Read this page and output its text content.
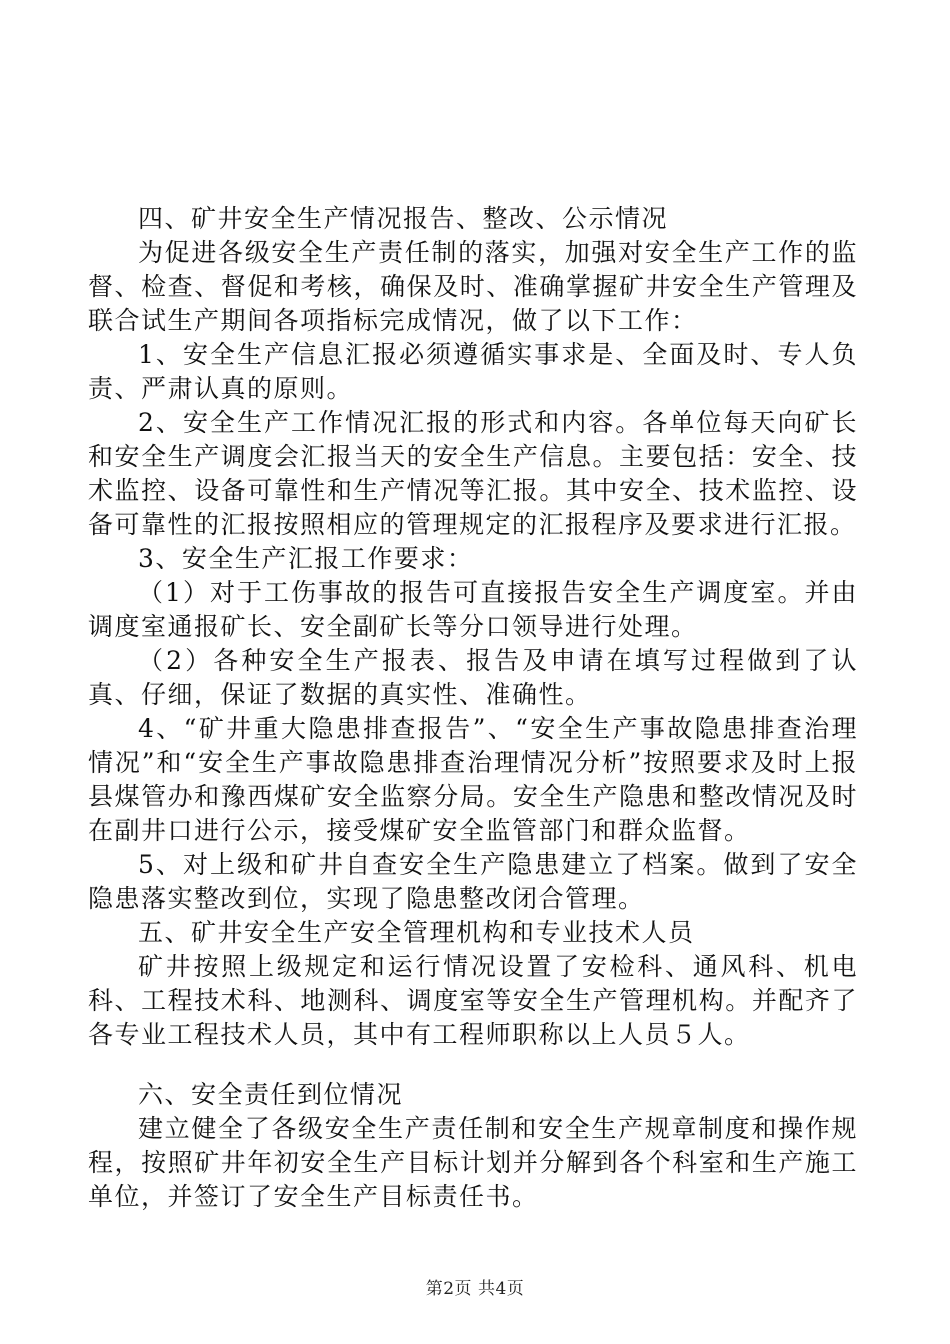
四、矿井安全生产情况报告、整改、公示情况

为促进各级安全生产责任制的落实，加强对安全生产工作的监督、检查、督促和考核，确保及时、准确掌握矿井安全生产管理及联合试生产期间各项指标完成情况，做了以下工作：

1、安全生产信息汇报必须遵循实事求是、全面及时、专人负责、严肃认真的原则。

2、安全生产工作情况汇报的形式和内容。各单位每天向矿长和安全生产调度会汇报当天的安全生产信息。主要包括：安全、技术监控、设备可靠性和生产情况等汇报。其中安全、技术监控、设备可靠性的汇报按照相应的管理规定的汇报程序及要求进行汇报。

3、安全生产汇报工作要求：

（1）对于工伤事故的报告可直接报告安全生产调度室。并由调度室通报矿长、安全副矿长等分口领导进行处理。

（2）各种安全生产报表、报告及申请在填写过程做到了认真、仔细，保证了数据的真实性、准确性。

4、“矿井重大隐患排查报告”、“安全生产事故隐患排查治理情况”和“安全生产事故隐患排查治理情况分析”按照要求及时上报县煤管办和豫西煤矿安全监察分局。安全生产隐患和整改情况及时在副井口进行公示，接受煤矿安全监管部门和群众监督。

5、对上级和矿井自查安全生产隐患建立了档案。做到了安全隐患落实整改到位，实现了隐患整改闭合管理。

五、矿井安全生产安全管理机构和专业技术人员

矿井按照上级规定和运行情况设置了安检科、通风科、机电科、工程技术科、地测科、调度室等安全生产管理机构。并配齐了各专业工程技术人员，其中有工程师职称以上人员５人。

六、安全责任到位情况

建立健全了各级安全生产责任制和安全生产规章制度和操作规程，按照矿井年初安全生产目标计划并分解到各个科室和生产施工单位，并签订了安全生产目标责任书。

第2页 共4页
